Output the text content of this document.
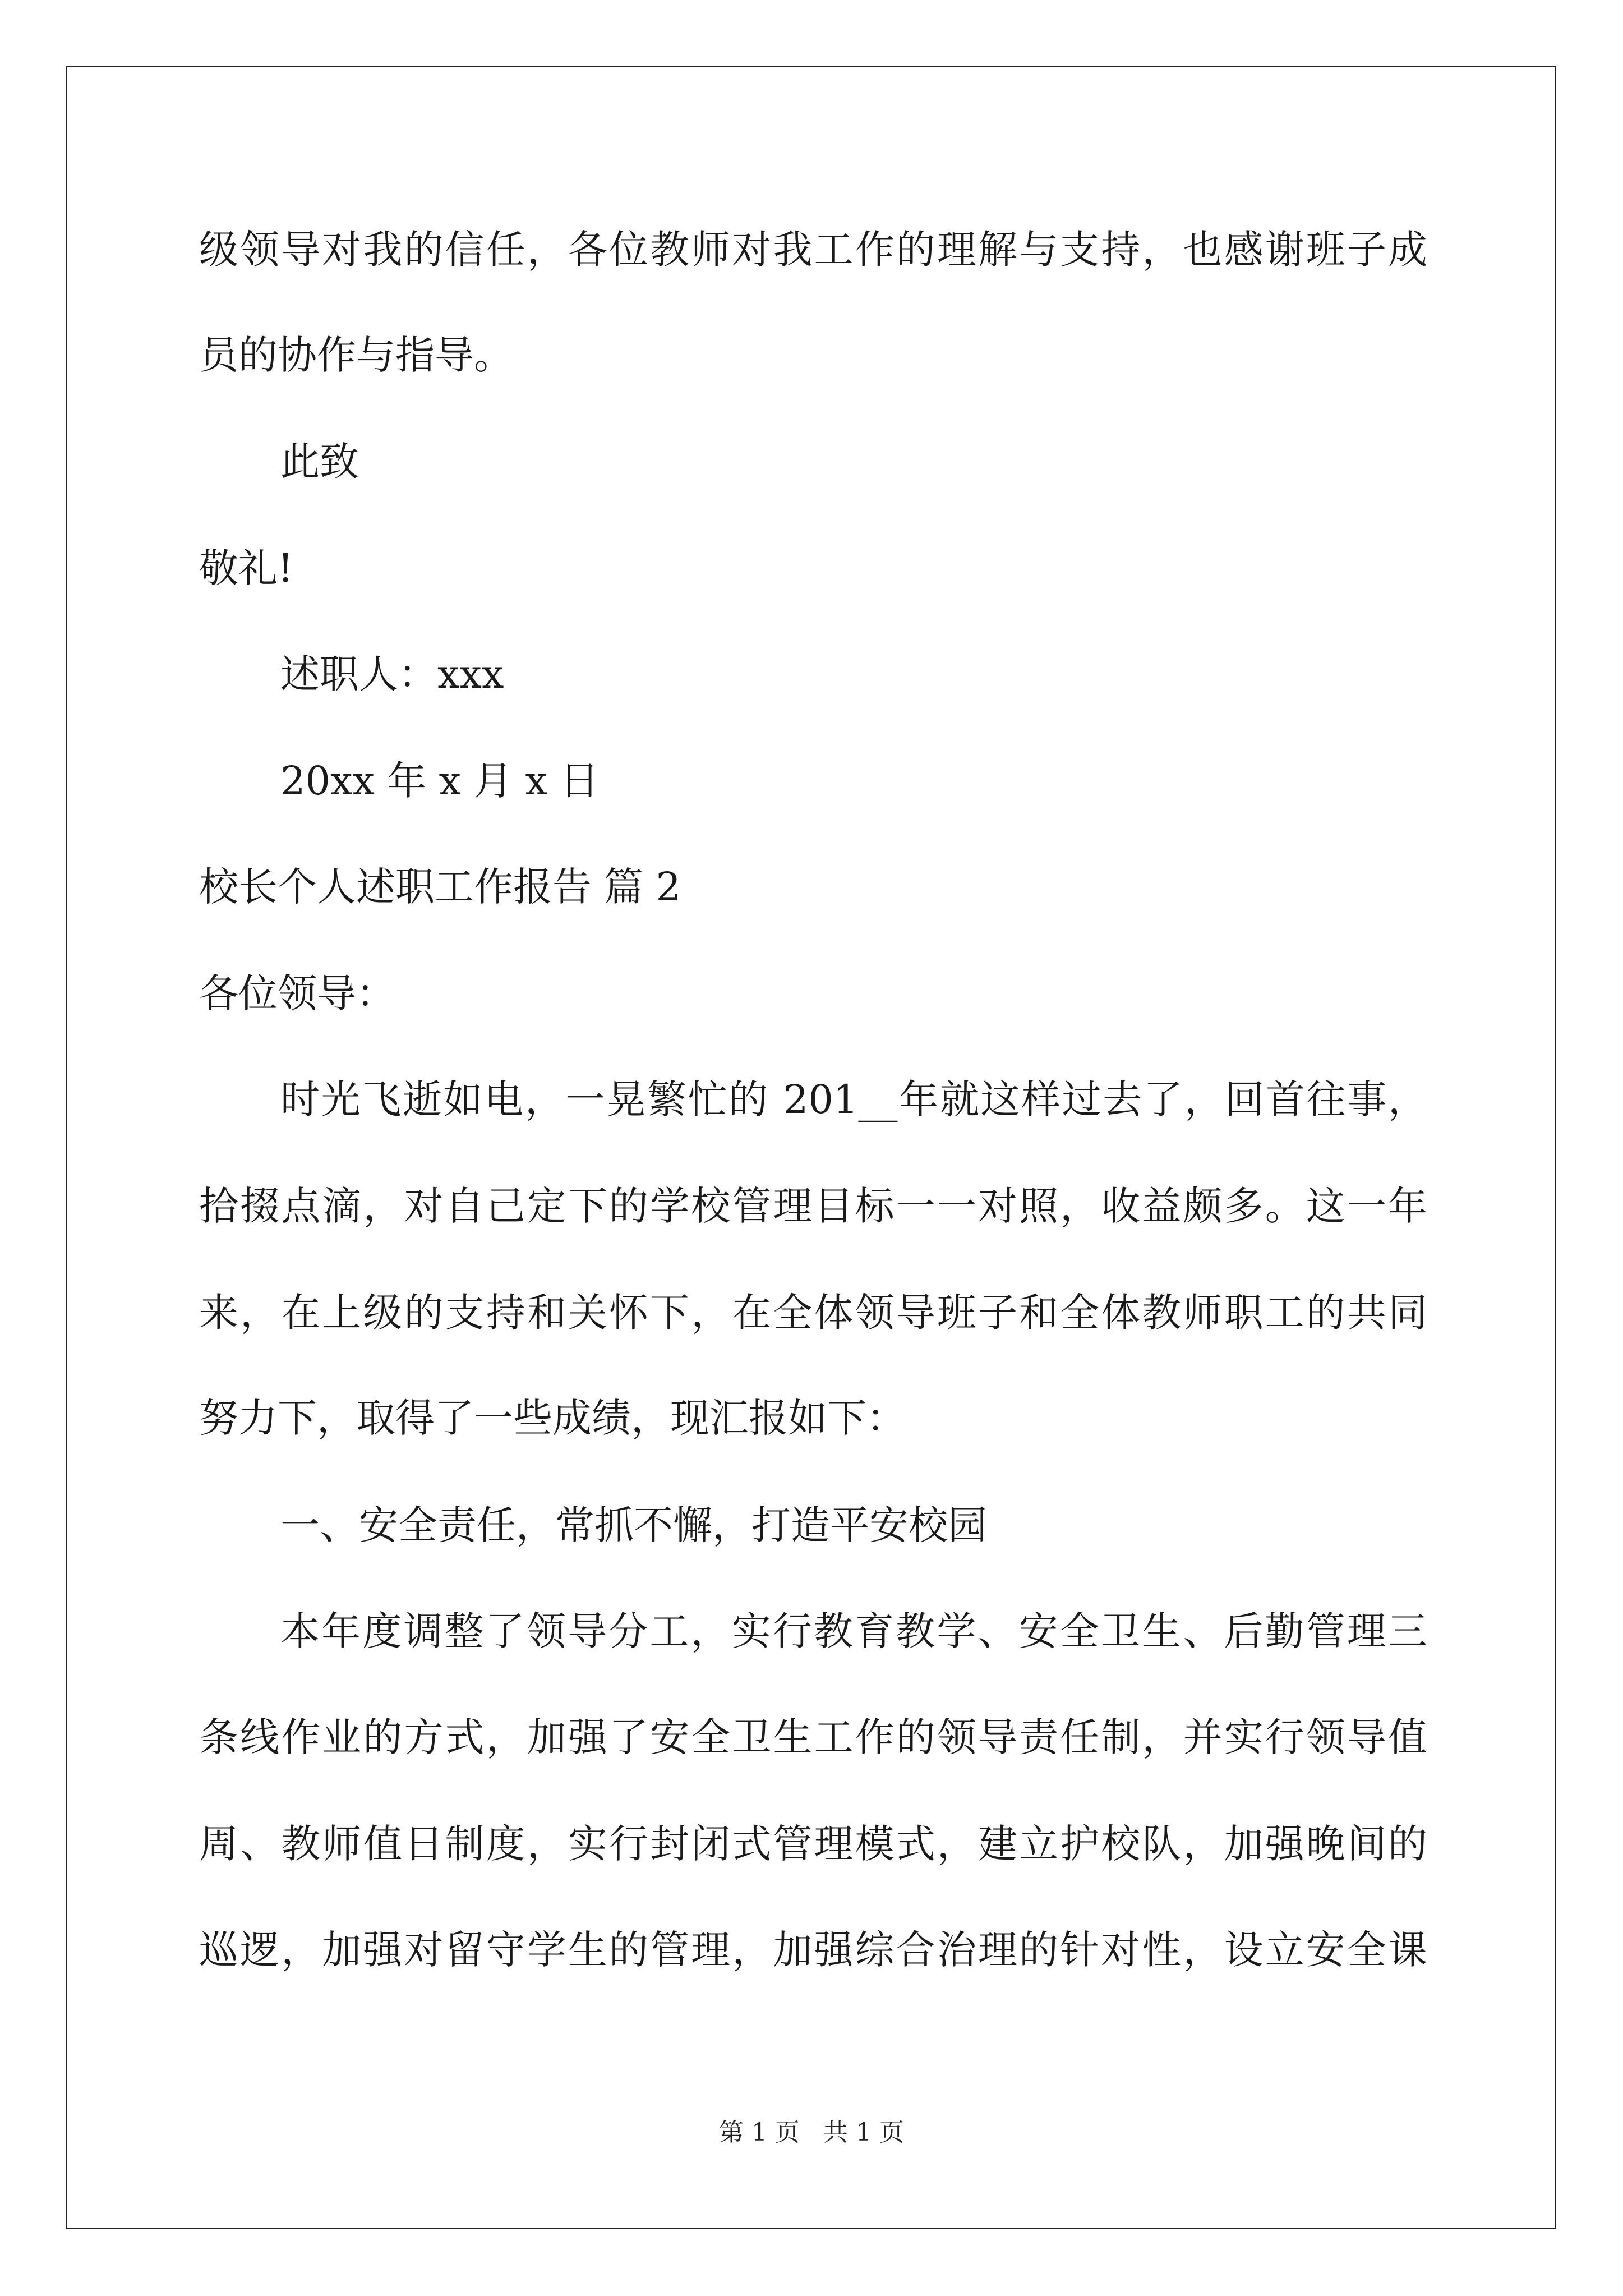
级领导对我的信任，各位教师对我工作的理解与支持，也感谢班子成
员的协作与指导。
此致
敬礼!
述职人：xxx
20xx 年 x 月 x 日
校长个人述职工作报告 篇 2
各位领导：
时光飞逝如电，一晃繁忙的 201__年就这样过去了，回首往事，
拾掇点滴，对自己定下的学校管理目标一一对照，收益颇多。这一年
来，在上级的支持和关怀下，在全体领导班子和全体教师职工的共同
努力下，取得了一些成绩，现汇报如下：
一、安全责任，常抓不懈，打造平安校园
本年度调整了领导分工，实行教育教学、安全卫生、后勤管理三
条线作业的方式，加强了安全卫生工作的领导责任制，并实行领导值
周、教师值日制度，实行封闭式管理模式，建立护校队，加强晚间的
巡逻，加强对留守学生的管理，加强综合治理的针对性，设立安全课
第 1 页   共 1 页
